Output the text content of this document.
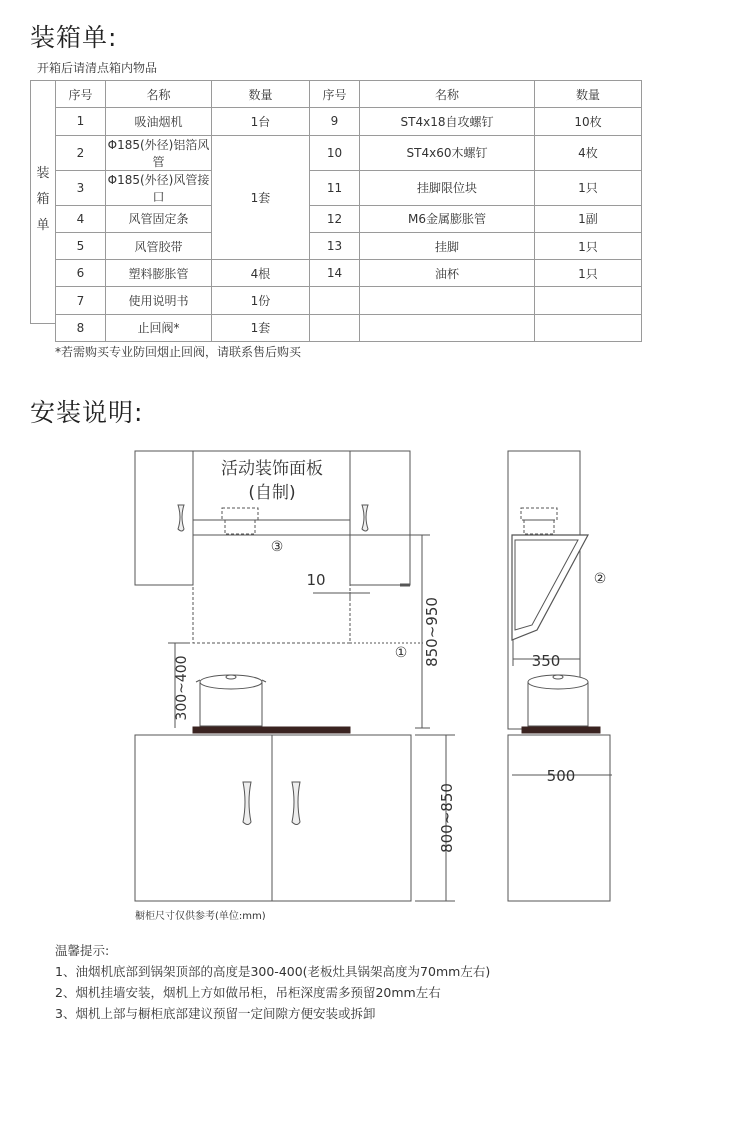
装箱单:
开箱后请清点箱内物品
序号	名称	数量	序号	名称	数量
1	吸油烟机	1台	9	ST4x18自攻螺钉	10枚
2	Φ185(外径)铝箔风管	1套	10	ST4x60木螺钉	4枚
3	Φ185(外径)风管接口		11	挂脚限位块	1只
4	风管固定条		12	M6金属膨胀管	1副
5	风管胶带		13	挂脚	1只
6	塑料膨胀管	4根	14	油杯	1只
7	使用说明书	1份			
8	止回阀*	1套			
装
箱
单
*若需购买专业防回烟止回阀，请联系售后购买
安装说明:
活动装饰面板
(自制)
③
10
①
②
850~950
300~400
800~850
350
500
橱柜尺寸仅供参考(单位:mm)
温馨提示:
1、油烟机底部到锅架顶部的高度是300-400(老板灶具锅架高度为70mm左右)
2、烟机挂墙安装，烟机上方如做吊柜，吊柜深度需多预留20mm左右
3、烟机上部与橱柜底部建议预留一定间隙方便安装或拆卸
